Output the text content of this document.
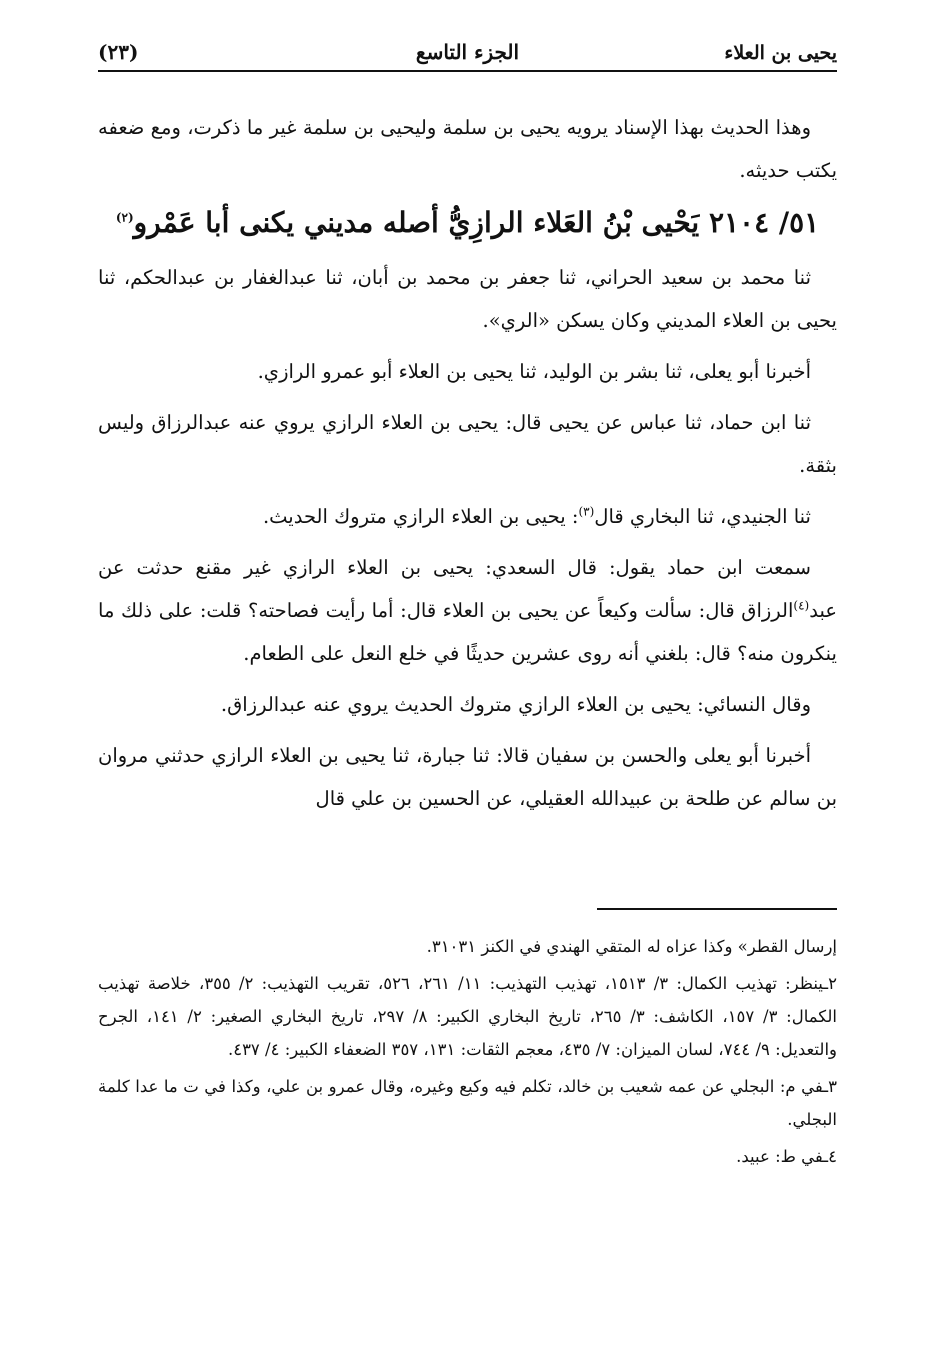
يحيى بن العلاء
الجزء التاسع
(٢٣)

وهذا الحديث بهذا الإسناد يرويه يحيى بن سلمة وليحيى بن سلمة غير ما ذكرت، ومع ضعفه يكتب حديثه.

٥١/ ٢١٠٤ يَحْيى بْنُ العَلاء الرازِيُّ أصله مديني يكنى أبا عَمْرو$^{(٢)}$

ثنا محمد بن سعيد الحراني، ثنا جعفر بن محمد بن أبان، ثنا عبدالغفار بن عبدالحكم، ثنا يحيى بن العلاء المديني وكان يسكن «الري».

أخبرنا أبو يعلى، ثنا بشر بن الوليد، ثنا يحيى بن العلاء أبو عمرو الرازي.

ثنا ابن حماد، ثنا عباس عن يحيى قال: يحيى بن العلاء الرازي يروي عنه عبدالرزاق وليس بثقة.

ثنا الجنيدي، ثنا البخاري قال$^{(٣)}$: يحيى بن العلاء الرازي متروك الحديث.

سمعت ابن حماد يقول: قال السعدي: يحيى بن العلاء الرازي غير مقنع حدثت عن عبد$^{(٤)}$الرزاق قال: سألت وكيعاً عن يحيى بن العلاء قال: أما رأيت فصاحته؟ قلت: على ذلك ما ينكرون منه؟ قال: بلغني أنه روى عشرين حديثًا في خلع النعل على الطعام.

وقال النسائي: يحيى بن العلاء الرازي متروك الحديث يروي عنه عبدالرزاق.

أخبرنا أبو يعلى والحسن بن سفيان قالا: ثنا جبارة، ثنا يحيى بن العلاء الرازي حدثني مروان بن سالم عن طلحة بن عبيدالله العقيلي، عن الحسين بن علي قال

إرسال القطر» وكذا عزاه له المتقي الهندي في الكنز ٣١٠٣١.

٢ـينظر: تهذيب الكمال: ٣/ ١٥١٣، تهذيب التهذيب: ١١/ ٢٦١، ٥٢٦، تقريب التهذيب: ٢/ ٣٥٥، خلاصة تهذيب الكمال: ٣/ ١٥٧، الكاشف: ٣/ ٢٦٥، تاريخ البخاري الكبير: ٨/ ٢٩٧، تاريخ البخاري الصغير: ٢/ ١٤١، الجرح والتعديل: ٩/ ٧٤٤، لسان الميزان: ٧/ ٤٣٥، معجم الثقات: ١٣١، ٣٥٧ الضعفاء الكبير: ٤/ ٤٣٧.

٣ـفي م: البجلي عن عمه شعيب بن خالد، تكلم فيه وكيع وغيره، وقال عمرو بن علي، وكذا في ت ما عدا كلمة البجلي.

٤ـفي ط: عبيد.
